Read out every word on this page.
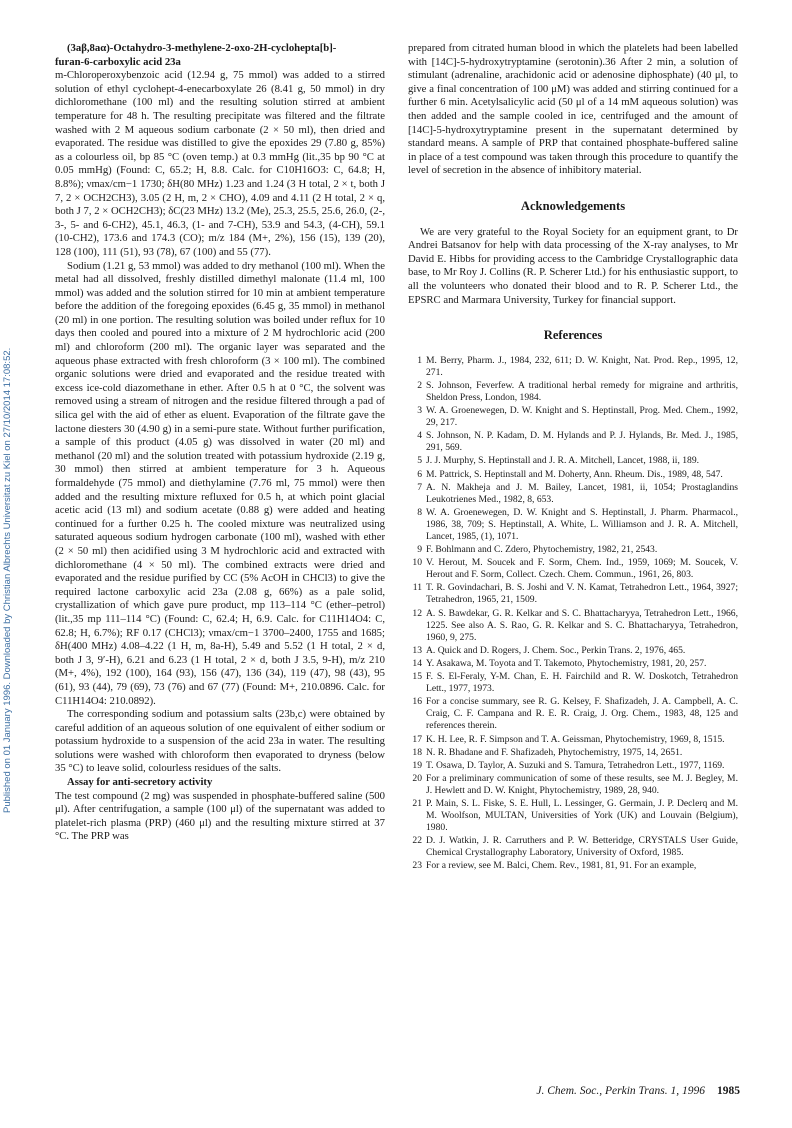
Published on 01 January 1996. Downloaded by Christian Albrechts Universitat zu Kiel on 27/10/2014 17:08:52.

(3aβ,8aα)-Octahydro-3-methylene-2-oxo-2H-cyclohepta[b]-
furan-6-carboxylic acid 23a

m-Chloroperoxybenzoic acid (12.94 g, 75 mmol) was added to a stirred solution of ethyl cyclohept-4-enecarboxylate 26 (8.41 g, 50 mmol) in dry dichloromethane (100 ml) and the resulting solution stirred at ambient temperature for 48 h. The resulting precipitate was filtered and the filtrate washed with 2 M aqueous sodium carbonate (2 × 50 ml), then dried and evaporated. The residue was distilled to give the epoxides 29 (7.80 g, 85%) as a colourless oil, bp 85 °C (oven temp.) at 0.3 mmHg (lit.,35 bp 90 °C at 0.05 mmHg) (Found: C, 65.2; H, 8.8. Calc. for C10H16O3: C, 64.8; H, 8.8%); νmax/cm−1 1730; δH(80 MHz) 1.23 and 1.24 (3 H total, 2 × t, both J 7, 2 × OCH2CH3), 3.05 (2 H, m, 2 × CHO), 4.09 and 4.11 (2 H total, 2 × q, both J 7, 2 × OCH2CH3); δC(23 MHz) 13.2 (Me), 25.3, 25.5, 25.6, 26.0, (2-, 3-, 5- and 6-CH2), 45.1, 46.3, (1- and 7-CH), 53.9 and 54.3, (4-CH), 59.1 (10-CH2), 173.6 and 174.3 (CO); m/z 184 (M+, 2%), 156 (15), 139 (20), 128 (100), 111 (51), 93 (78), 67 (100) and 55 (77).

Sodium (1.21 g, 53 mmol) was added to dry methanol (100 ml). When the metal had all dissolved, freshly distilled dimethyl malonate (11.4 ml, 100 mmol) was added and the solution stirred for 10 min at ambient temperature before the addition of the foregoing epoxides (6.45 g, 35 mmol) in methanol (20 ml) in one portion. The resulting solution was boiled under reflux for 10 days then cooled and poured into a mixture of 2 M hydrochloric acid (200 ml) and chloroform (200 ml). The organic layer was separated and the aqueous phase extracted with fresh chloroform (3 × 100 ml). The combined organic solutions were dried and evaporated and the residue treated with excess ice-cold diazomethane in ether. After 0.5 h at 0 °C, the solvent was removed using a stream of nitrogen and the residue filtered through a pad of silica gel with the aid of ether as eluent. Evaporation of the filtrate gave the lactone diesters 30 (4.90 g) in a semi-pure state. Without further purification, a sample of this product (4.05 g) was dissolved in water (20 ml) and methanol (20 ml) and the solution treated with potassium hydroxide (2.19 g, 30 mmol) then stirred at ambient temperature for 3 h. Aqueous formaldehyde (75 mmol) and diethylamine (7.76 ml, 75 mmol) were then added and the resulting mixture refluxed for 0.5 h, at which point glacial acetic acid (13 ml) and sodium acetate (0.88 g) were added and heating continued for a further 0.25 h. The cooled mixture was neutralized using saturated aqueous sodium hydrogen carbonate (100 ml), washed with ether (2 × 50 ml) then acidified using 3 M hydrochloric acid and extracted with dichloromethane (4 × 50 ml). The combined extracts were dried and evaporated and the residue purified by CC (5% AcOH in CHCl3) to give the required lactone carboxylic acid 23a (2.08 g, 66%) as a pale solid, crystallization of which gave pure product, mp 113–114 °C (ether–petrol) (lit.,35 mp 111–114 °C) (Found: C, 62.4; H, 6.9. Calc. for C11H14O4: C, 62.8; H, 6.7%); RF 0.17 (CHCl3); νmax/cm−1 3700–2400, 1755 and 1685; δH(400 MHz) 4.08–4.22 (1 H, m, 8a-H), 5.49 and 5.52 (1 H total, 2 × d, both J 3, 9′-H), 6.21 and 6.23 (1 H total, 2 × d, both J 3.5, 9-H), m/z 210 (M+, 4%), 192 (100), 164 (93), 156 (47), 136 (34), 119 (47), 98 (43), 95 (61), 93 (44), 79 (69), 73 (76) and 67 (77) (Found: M+, 210.0896. Calc. for C11H14O4: 210.0892).

The corresponding sodium and potassium salts (23b,c) were obtained by careful addition of an aqueous solution of one equivalent of either sodium or potassium hydroxide to a suspension of the acid 23a in water. The resulting solutions were washed with chloroform then evaporated to dryness (below 35 °C) to leave solid, colourless residues of the salts.

Assay for anti-secretory activity

The test compound (2 mg) was suspended in phosphate-buffered saline (500 μl). After centrifugation, a sample (100 μl) of the supernatant was added to platelet-rich plasma (PRP) (460 μl) and the resulting mixture stirred at 37 °C. The PRP was

prepared from citrated human blood in which the platelets had been labelled with [14C]-5-hydroxytryptamine (serotonin).36 After 2 min, a solution of stimulant (adrenaline, arachidonic acid or adenosine diphosphate) (40 μl, to give a final concentration of 100 μM) was added and stirring continued for a further 6 min. Acetylsalicylic acid (50 μl of a 14 mM aqueous solution) was then added and the sample cooled in ice, centrifuged and the amount of [14C]-5-hydroxytryptamine present in the supernatant determined by standard means. A sample of PRP that contained phosphate-buffered saline in place of a test compound was taken through this procedure to quantify the level of secretion in the absence of inhibitory material.

Acknowledgements

We are very grateful to the Royal Society for an equipment grant, to Dr Andrei Batsanov for help with data processing of the X-ray analyses, to Mr David E. Hibbs for providing access to the Cambridge Crystallographic data base, to Mr Roy J. Collins (R. P. Scherer Ltd.) for his enthusiastic support, to all the volunteers who donated their blood and to R. P. Scherer Ltd., the EPSRC and Marmara University, Turkey for financial support.

References
1 M. Berry, Pharm. J., 1984, 232, 611; D. W. Knight, Nat. Prod. Rep., 1995, 12, 271.
2 S. Johnson, Feverfew. A traditional herbal remedy for migraine and arthritis, Sheldon Press, London, 1984.
3 W. A. Groenewegen, D. W. Knight and S. Heptinstall, Prog. Med. Chem., 1992, 29, 217.
4 S. Johnson, N. P. Kadam, D. M. Hylands and P. J. Hylands, Br. Med. J., 1985, 291, 569.
5 J. J. Murphy, S. Heptinstall and J. R. A. Mitchell, Lancet, 1988, ii, 189.
6 M. Pattrick, S. Heptinstall and M. Doherty, Ann. Rheum. Dis., 1989, 48, 547.
7 A. N. Makheja and J. M. Bailey, Lancet, 1981, ii, 1054; Prostaglandins Leukotrienes Med., 1982, 8, 653.
8 W. A. Groenewegen, D. W. Knight and S. Heptinstall, J. Pharm. Pharmacol., 1986, 38, 709; S. Heptinstall, A. White, L. Williamson and J. R. A. Mitchell, Lancet, 1985, (1), 1071.
9 F. Bohlmann and C. Zdero, Phytochemistry, 1982, 21, 2543.
10 V. Herout, M. Soucek and F. Sorm, Chem. Ind., 1959, 1069; M. Soucek, V. Herout and F. Sorm, Collect. Czech. Chem. Commun., 1961, 26, 803.
11 T. R. Govindachari, B. S. Joshi and V. N. Kamat, Tetrahedron Lett., 1964, 3927; Tetrahedron, 1965, 21, 1509.
12 A. S. Bawdekar, G. R. Kelkar and S. C. Bhattacharyya, Tetrahedron Lett., 1966, 1225. See also A. S. Rao, G. R. Kelkar and S. C. Bhattacharyya, Tetrahedron, 1960, 9, 275.
13 A. Quick and D. Rogers, J. Chem. Soc., Perkin Trans. 2, 1976, 465.
14 Y. Asakawa, M. Toyota and T. Takemoto, Phytochemistry, 1981, 20, 257.
15 F. S. El-Feraly, Y-M. Chan, E. H. Fairchild and R. W. Doskotch, Tetrahedron Lett., 1977, 1973.
16 For a concise summary, see R. G. Kelsey, F. Shafizadeh, J. A. Campbell, A. C. Craig, C. F. Campana and R. E. R. Craig, J. Org. Chem., 1983, 48, 125 and references therein.
17 K. H. Lee, R. F. Simpson and T. A. Geissman, Phytochemistry, 1969, 8, 1515.
18 N. R. Bhadane and F. Shafizadeh, Phytochemistry, 1975, 14, 2651.
19 T. Osawa, D. Taylor, A. Suzuki and S. Tamura, Tetrahedron Lett., 1977, 1169.
20 For a preliminary communication of some of these results, see M. J. Begley, M. J. Hewlett and D. W. Knight, Phytochemistry, 1989, 28, 940.
21 P. Main, S. L. Fiske, S. E. Hull, L. Lessinger, G. Germain, J. P. Declerq and M. M. Woolfson, MULTAN, Universities of York (UK) and Louvain (Belgium), 1980.
22 D. J. Watkin, J. R. Carruthers and P. W. Betteridge, CRYSTALS User Guide, Chemical Crystallography Laboratory, University of Oxford, 1985.
23 For a review, see M. Balci, Chem. Rev., 1981, 81, 91. For an example,
J. Chem. Soc., Perkin Trans. 1, 1996 1985
